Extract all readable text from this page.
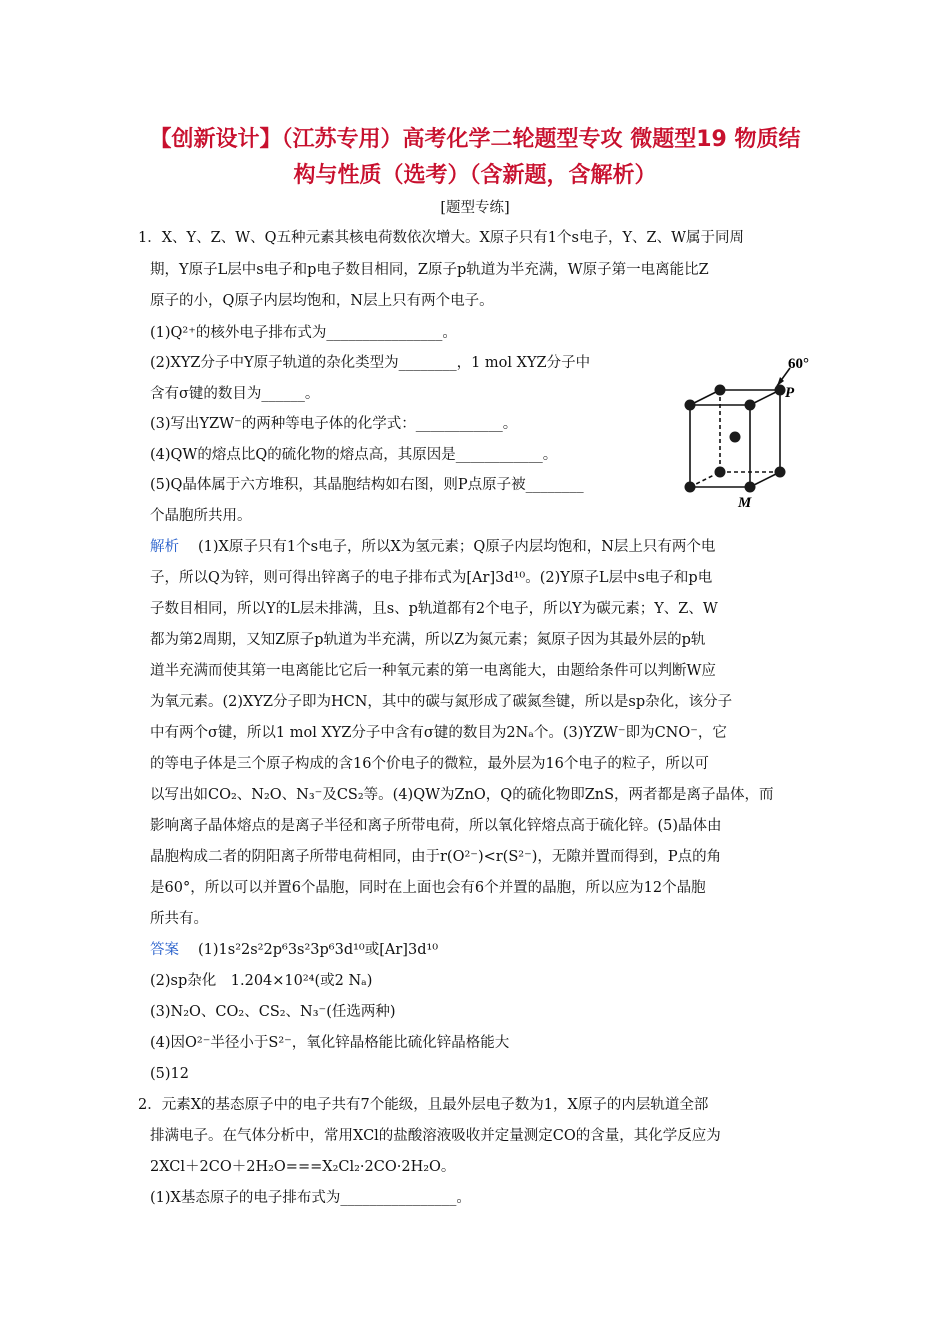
【创新设计】（江苏专用）高考化学二轮题型专攻 微题型19 物质结
构与性质（选考）（含新题，含解析）
[题型专练]
1．X、Y、Z、W、Q五种元素其核电荷数依次增大。X原子只有1个s电子，Y、Z、W属于同周
期，Y原子L层中s电子和p电子数目相同，Z原子p轨道为半充满，W原子第一电离能比Z
原子的小，Q原子内层均饱和，N层上只有两个电子。
(1)Q²⁺的核外电子排布式为________________。
(2)XYZ分子中Y原子轨道的杂化类型为________，1 mol XYZ分子中
含有σ键的数目为______。
(3)写出YZW⁻的两种等电子体的化学式：____________。
(4)QW的熔点比Q的硫化物的熔点高，其原因是____________。
(5)Q晶体属于六方堆积，其晶胞结构如右图，则P点原子被________
个晶胞所共用。
60°
P
M
解析 (1)X原子只有1个s电子，所以X为氢元素；Q原子内层均饱和，N层上只有两个电
子，所以Q为锌，则可得出锌离子的电子排布式为[Ar]3d¹⁰。(2)Y原子L层中s电子和p电
子数目相同，所以Y的L层未排满，且s、p轨道都有2个电子，所以Y为碳元素；Y、Z、W
都为第2周期，又知Z原子p轨道为半充满，所以Z为氮元素；氮原子因为其最外层的p轨
道半充满而使其第一电离能比它后一种氧元素的第一电离能大，由题给条件可以判断W应
为氧元素。(2)XYZ分子即为HCN，其中的碳与氮形成了碳氮叁键，所以是sp杂化，该分子
中有两个σ键，所以1 mol XYZ分子中含有σ键的数目为2Nₐ个。(3)YZW⁻即为CNO⁻，它
的等电子体是三个原子构成的含16个价电子的微粒，最外层为16个电子的粒子，所以可
以写出如CO₂、N₂O、N₃⁻及CS₂等。(4)QW为ZnO，Q的硫化物即ZnS，两者都是离子晶体，而
影响离子晶体熔点的是离子半径和离子所带电荷，所以氧化锌熔点高于硫化锌。(5)晶体由
晶胞构成二者的阴阳离子所带电荷相同，由于r(O²⁻)<r(S²⁻)，无隙并置而得到，P点的角
是60°，所以可以并置6个晶胞，同时在上面也会有6个并置的晶胞，所以应为12个晶胞
所共有。
答案 (1)1s²2s²2p⁶3s²3p⁶3d¹⁰或[Ar]3d¹⁰
(2)sp杂化　1.204×10²⁴(或2 Nₐ)
(3)N₂O、CO₂、CS₂、N₃⁻(任选两种)
(4)因O²⁻半径小于S²⁻，氧化锌晶格能比硫化锌晶格能大
(5)12
2．元素X的基态原子中的电子共有7个能级，且最外层电子数为1，X原子的内层轨道全部
排满电子。在气体分析中，常用XCl的盐酸溶液吸收并定量测定CO的含量，其化学反应为
2XCl＋2CO＋2H₂O===X₂Cl₂·2CO·2H₂O。
(1)X基态原子的电子排布式为________________。
